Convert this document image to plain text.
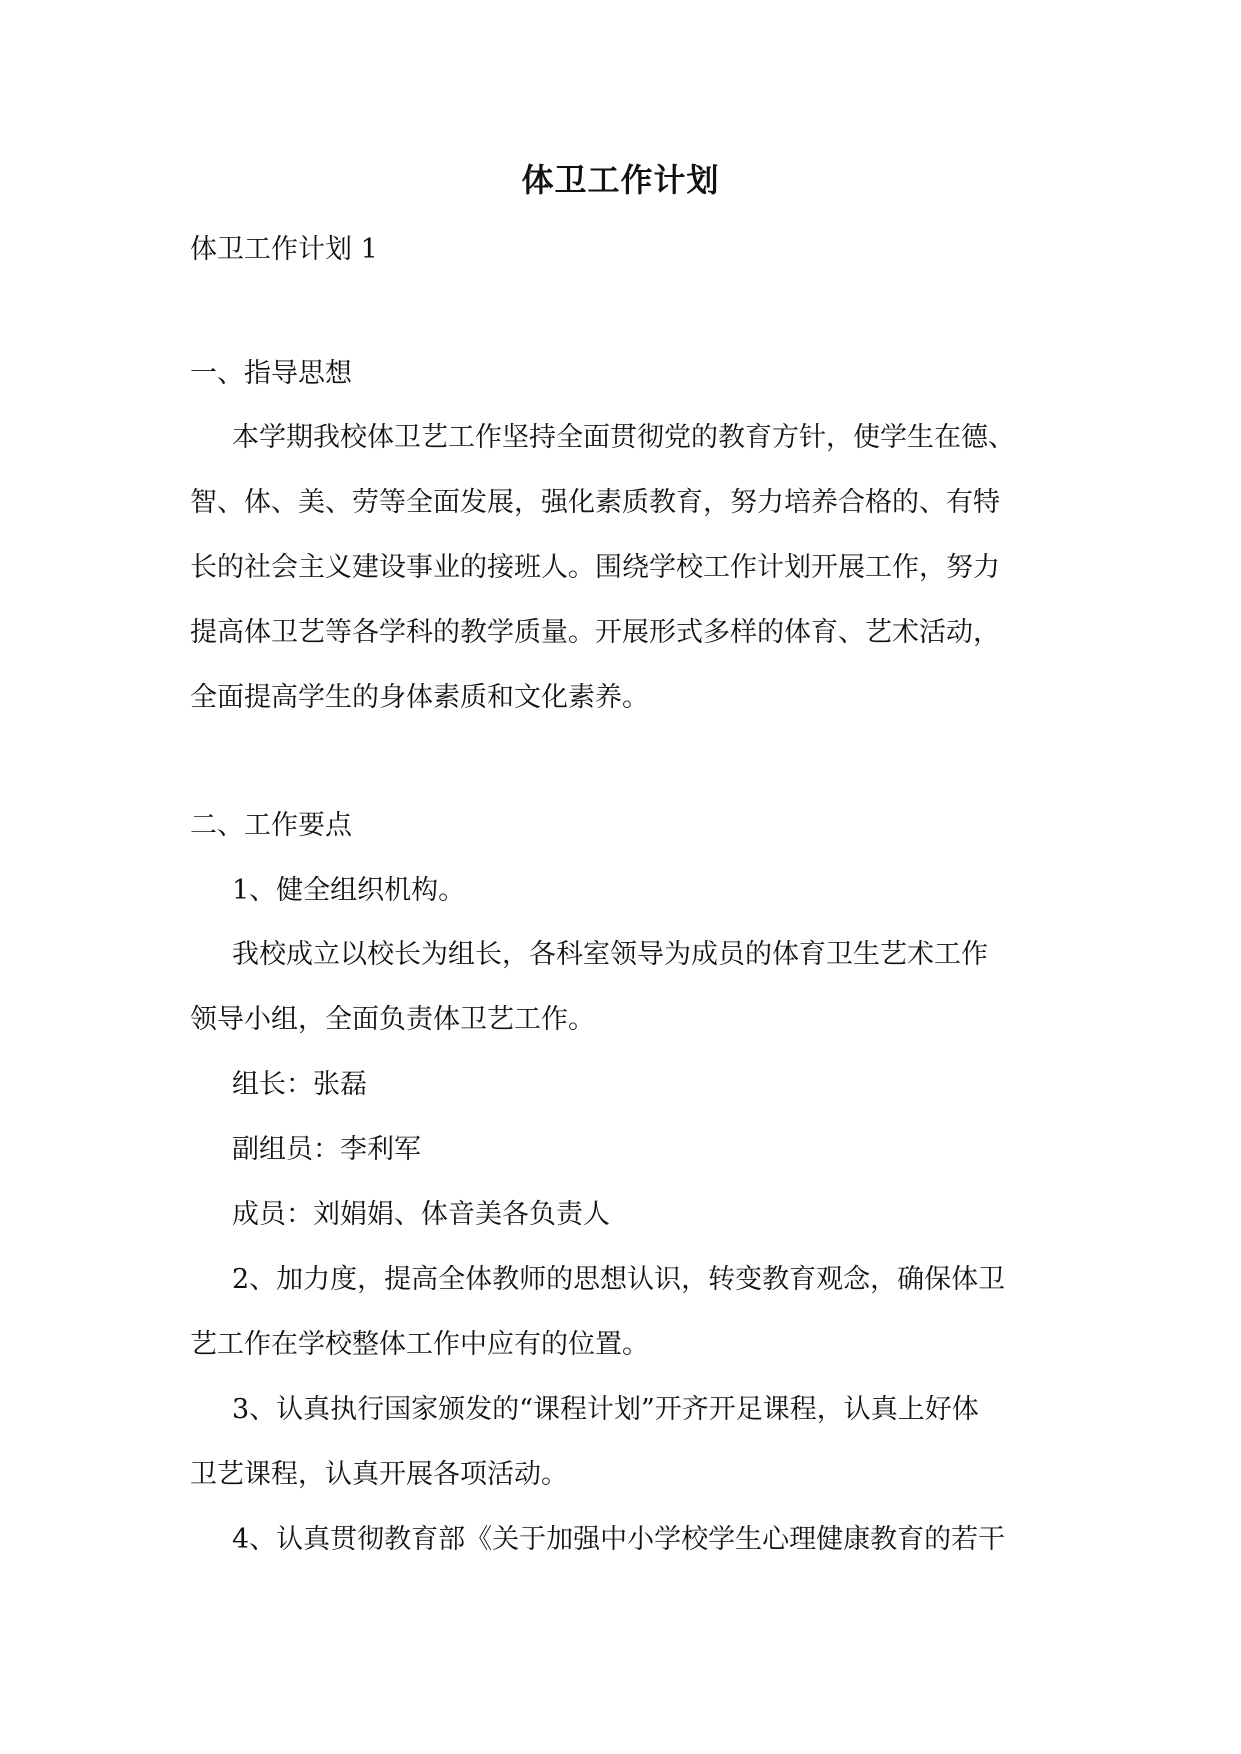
体卫工作计划
体卫工作计划 1
一、指导思想
本学期我校体卫艺工作坚持全面贯彻党的教育方针，使学生在德、
智、体、美、劳等全面发展，强化素质教育，努力培养合格的、有特
长的社会主义建设事业的接班人。围绕学校工作计划开展工作，努力
提高体卫艺等各学科的教学质量。开展形式多样的体育、艺术活动，
全面提高学生的身体素质和文化素养。
二、工作要点
1、健全组织机构。
我校成立以校长为组长，各科室领导为成员的体育卫生艺术工作
领导小组，全面负责体卫艺工作。
组长：张磊
副组员：李利军
成员：刘娟娟、体音美各负责人
2、加力度，提高全体教师的思想认识，转变教育观念，确保体卫
艺工作在学校整体工作中应有的位置。
3、认真执行国家颁发的“课程计划”开齐开足课程，认真上好体
卫艺课程，认真开展各项活动。
4、认真贯彻教育部《关于加强中小学校学生心理健康教育的若干
